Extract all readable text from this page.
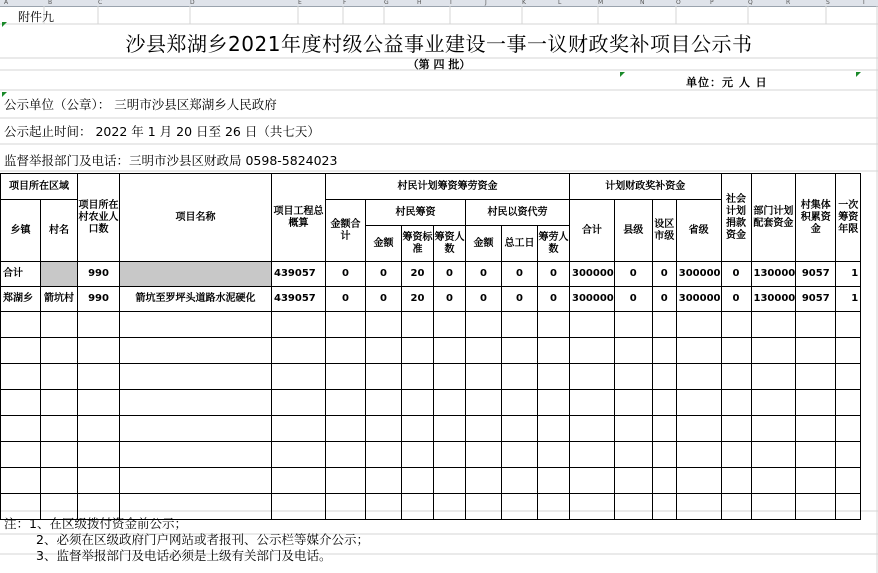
A	B	C	D	E	F	G	H	I	J	K	L	M	N	O	P	Q	R	S	T
附件九
沙县郑湖乡2021年度村级公益事业建设一事一议财政奖补项目公示书
（第 四 批）
单位：元 人 日
公示单位（公章）： 三明市沙县区郑湖乡人民政府
公示起止时间： 2022 年 1 月 20 日至 26 日（共七天）
监督举报部门及电话：三明市沙县区财政局 0598-5824023
项目所在区域		项目所在村农业人口数	项目名称	项目工程总概算	村民计划筹资筹劳资金							计划财政奖补资金				社会计划捐款资金	部门计划配套资金	村集体积累资金	一次筹资年限
乡镇	村名				金额合计	村民筹资			村民以资代劳			合计	县级	设区市级	省级				
						金额	筹资标准	筹资人数	金额	总工日	筹劳人数								
合计		990		439057	0	0	20	0	0	0	0	300000	0	0	300000	0	130000	9057	1
郑湖乡	箭坑村	990	箭坑至罗坪头道路水泥硬化	439057	0	0	20	0	0	0	0	300000	0	0	300000	0	130000	9057	1

注：1、在区级拨付资金前公示；
2、必须在区级政府门户网站或者报刊、公示栏等媒介公示；
3、监督举报部门及电话必须是上级有关部门及电话。
